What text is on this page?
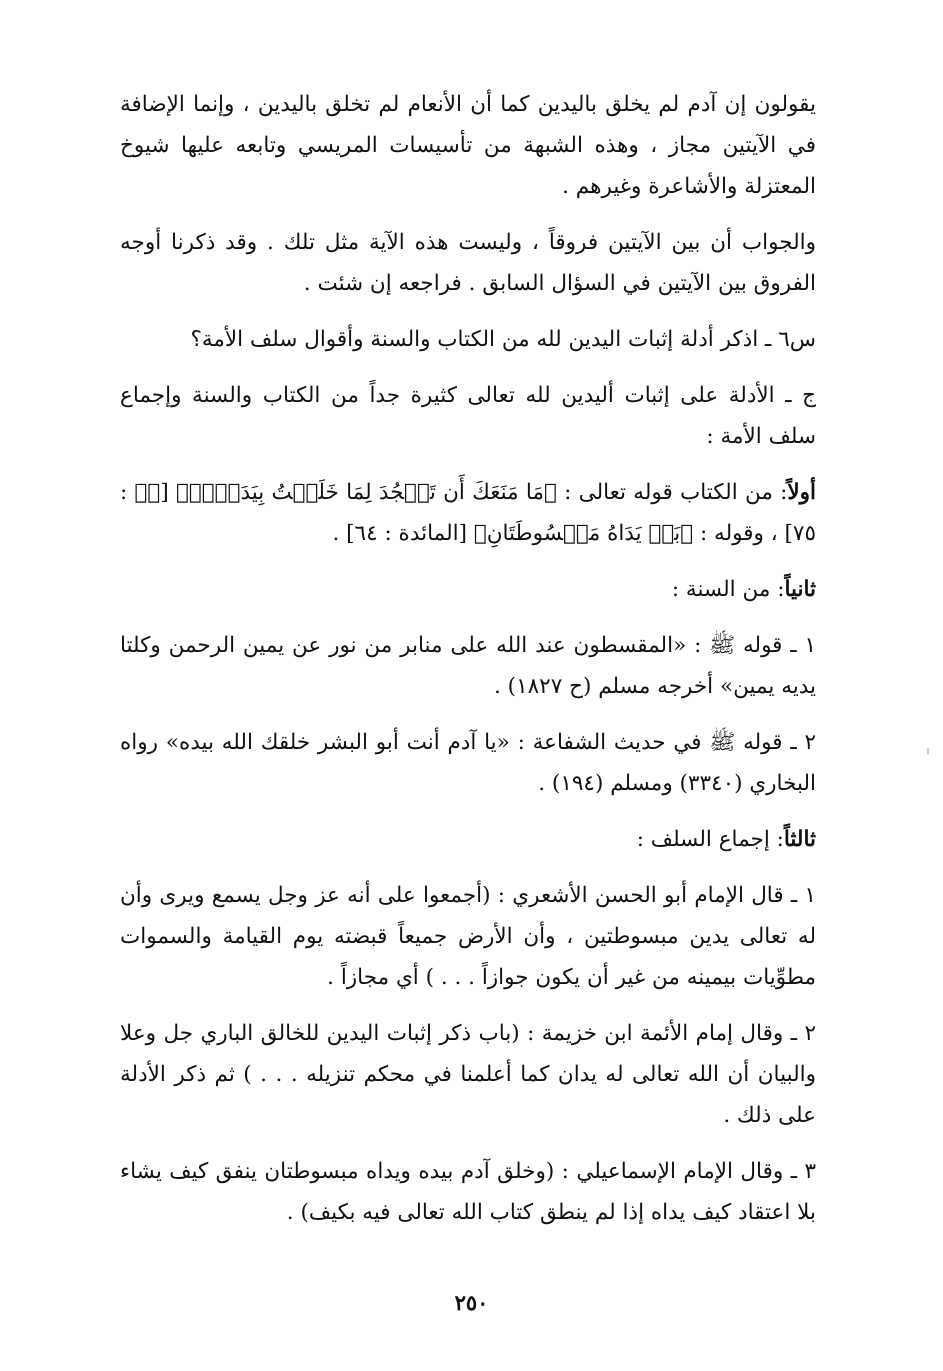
يقولون إن آدم لم يخلق باليدين كما أن الأنعام لم تخلق باليدين ، وإنما الإضافة في الآيتين مجاز ، وهذه الشبهة من تأسيسات المريسي وتابعه عليها شيوخ المعتزلة والأشاعرة وغيرهم .

والجواب أن بين الآيتين فروقاً ، وليست هذه الآية مثل تلك . وقد ذكرنا أوجه الفروق بين الآيتين في السؤال السابق . فراجعه إن شئت .

س٦ ـ اذكر أدلة إثبات اليدين لله من الكتاب والسنة وأقوال سلف الأمة؟

ج ـ الأدلة على إثبات أليدين لله تعالى كثيرة جداً من الكتاب والسنة وإجماع سلف الأمة :

أولاً: من الكتاب قوله تعالى : ﴿مَا مَنَعَكَ أَن تَسۡجُدَ لِمَا خَلَقۡتُ بِيَدَيَّۖ﴾ [صۤ : ٧٥] ، وقوله : ﴿بَلۡ يَدَاهُ مَبۡسُوطَتَانِ﴾ [المائدة : ٦٤] .

ثانياً: من السنة :

١ ـ قوله ﷺ : «المقسطون عند الله على منابر من نور عن يمين الرحمن وكلتا يديه يمين» أخرجه مسلم (ح ١٨٢٧) .

٢ ـ قوله ﷺ في حديث الشفاعة : «يا آدم أنت أبو البشر خلقك الله بيده» رواه البخاري (٣٣٤٠) ومسلم (١٩٤) .

ثالثاً: إجماع السلف :

١ ـ قال الإمام أبو الحسن الأشعري : (أجمعوا على أنه عز وجل يسمع ويرى وأن له تعالى يدين مبسوطتين ، وأن الأرض جميعاً قبضته يوم القيامة والسموات مطوِّيات بيمينه من غير أن يكون جوازاً . . . ) أي مجازاً .

٢ ـ وقال إمام الأئمة ابن خزيمة : (باب ذكر إثبات اليدين للخالق الباري جل وعلا والبيان أن الله تعالى له يدان كما أعلمنا في محكم تنزيله . . . ) ثم ذكر الأدلة على ذلك .

٣ ـ وقال الإمام الإسماعيلي : (وخلق آدم بيده ويداه مبسوطتان ينفق كيف يشاء بلا اعتقاد كيف يداه إذا لم ينطق كتاب الله تعالى فيه بكيف) .

٢٥٠
